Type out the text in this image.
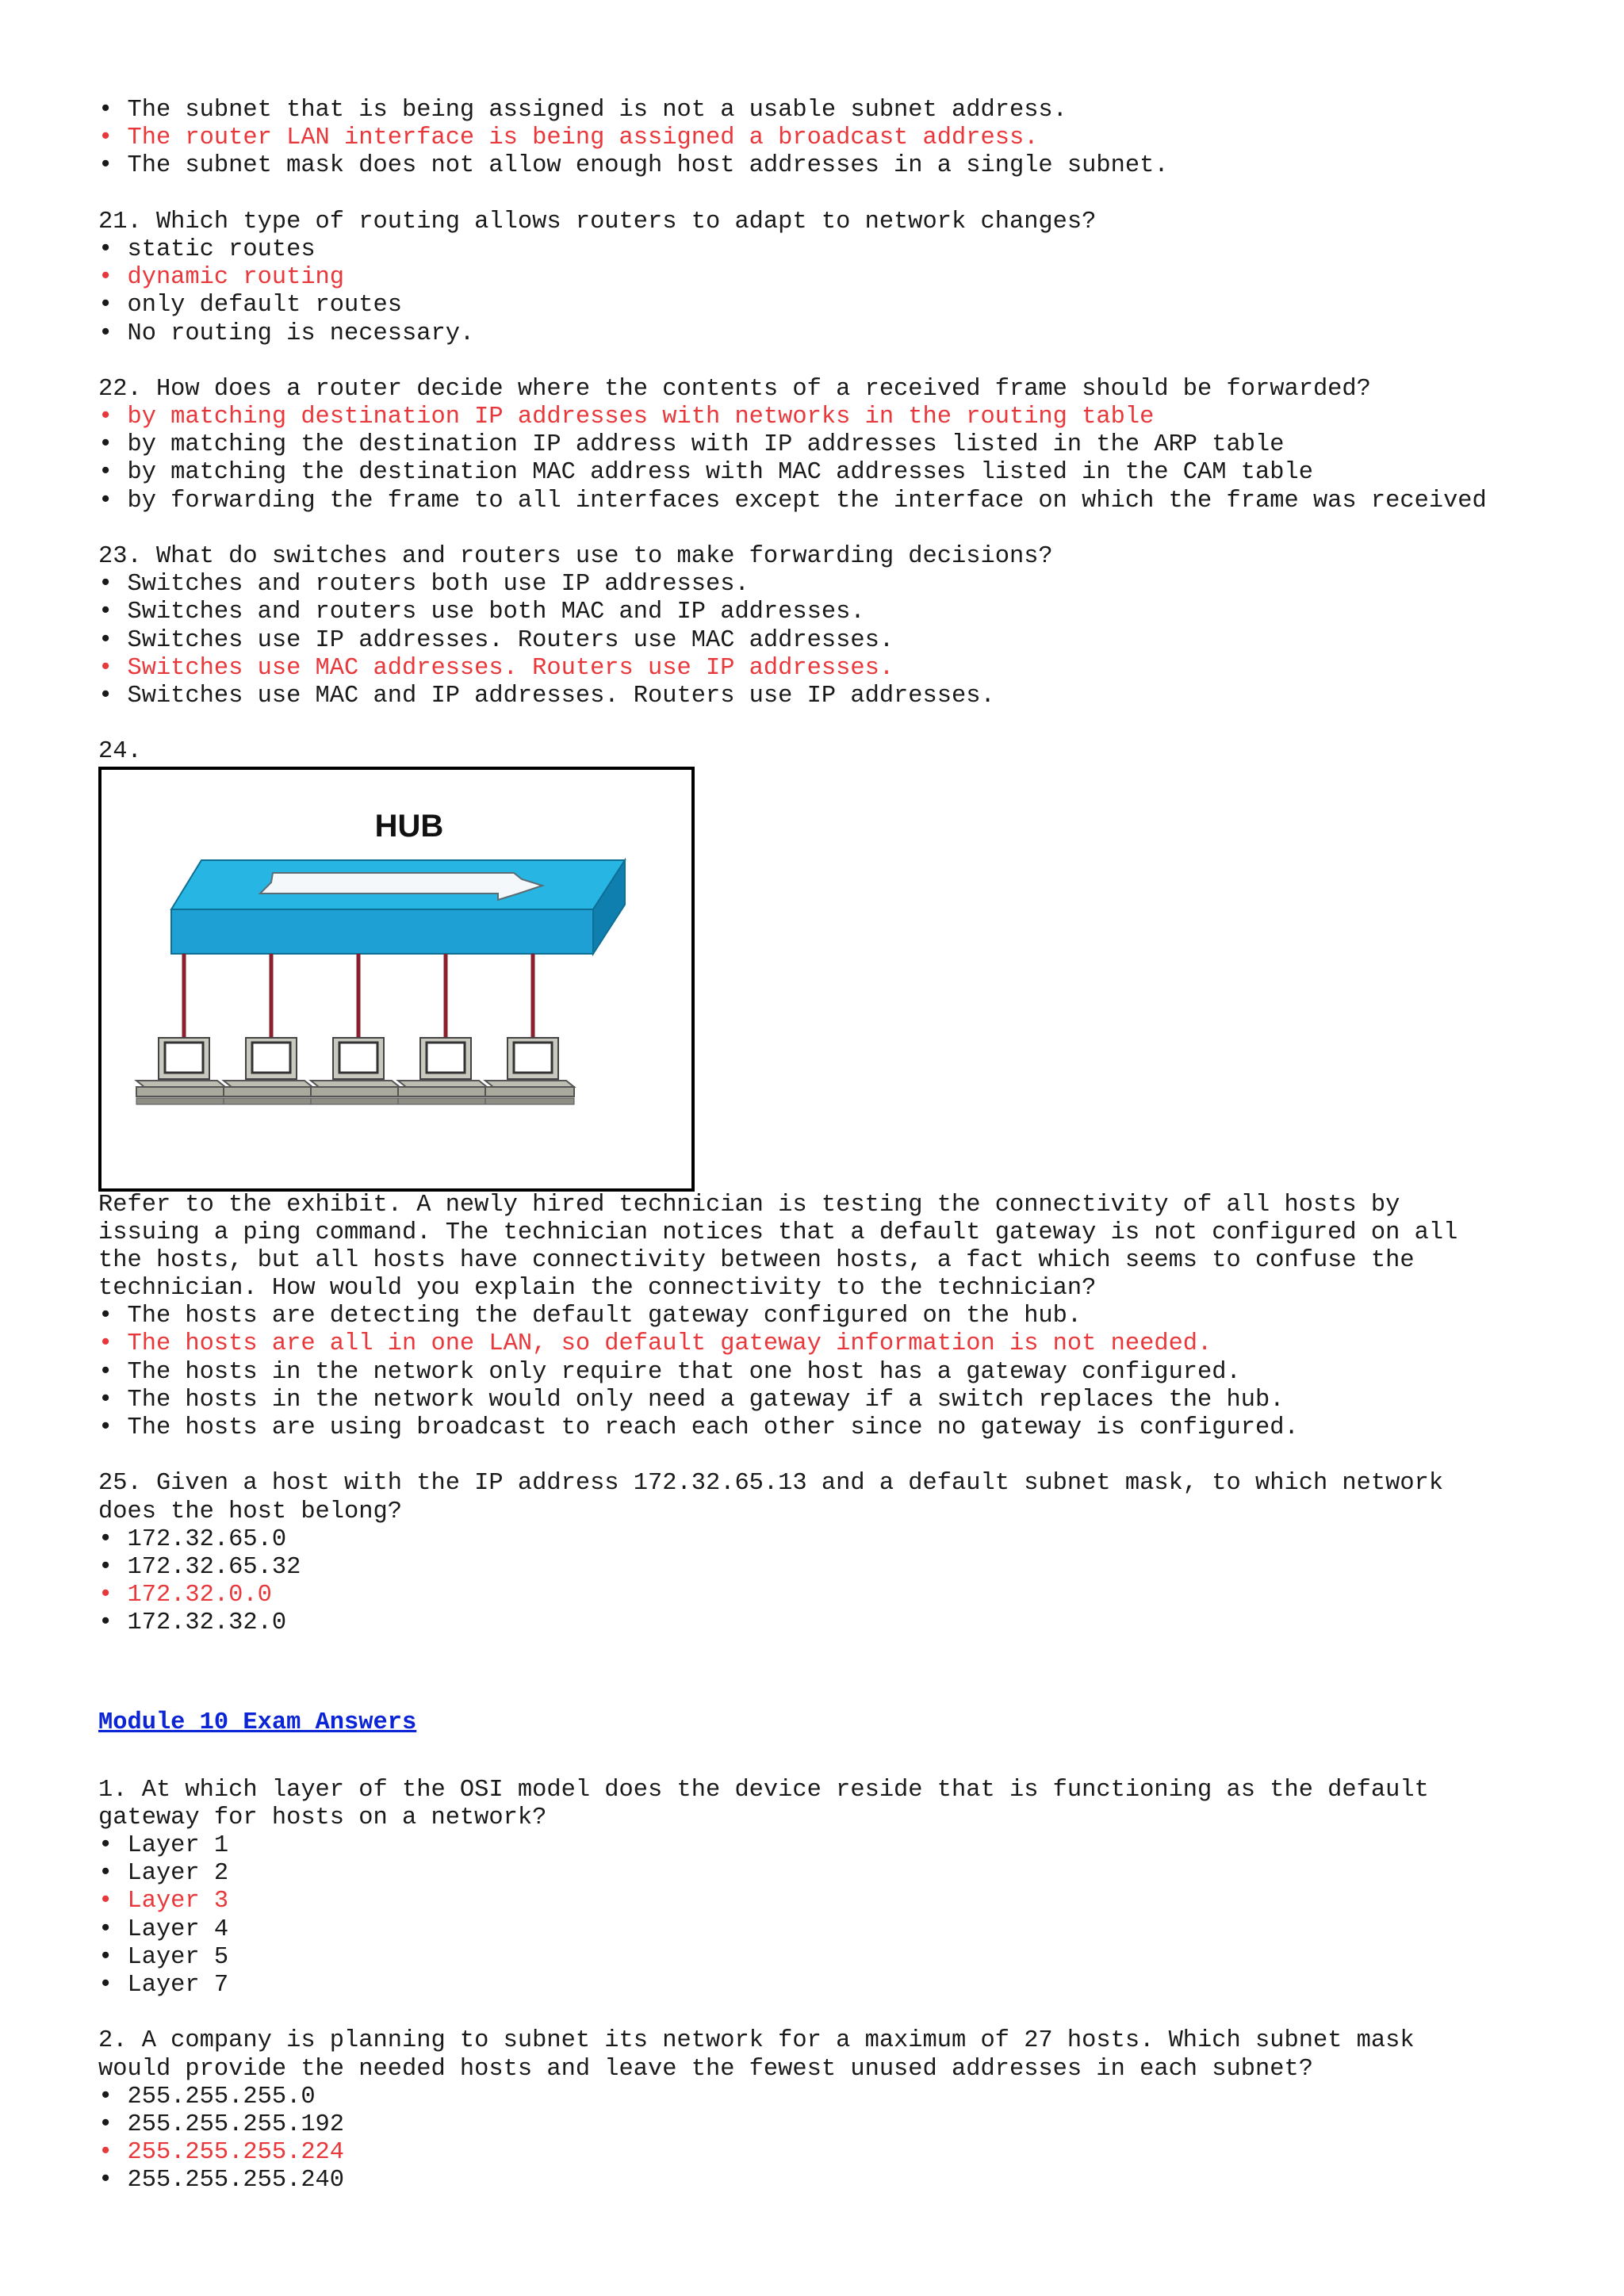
• The subnet that is being assigned is not a usable subnet address.
• The router LAN interface is being assigned a broadcast address.
• The subnet mask does not allow enough host addresses in a single subnet.
21. Which type of routing allows routers to adapt to network changes?
• static routes
• dynamic routing
• only default routes
• No routing is necessary.
22. How does a router decide where the contents of a received frame should be forwarded?
• by matching destination IP addresses with networks in the routing table
• by matching the destination IP address with IP addresses listed in the ARP table
• by matching the destination MAC address with MAC addresses listed in the CAM table
• by forwarding the frame to all interfaces except the interface on which the frame was received
23. What do switches and routers use to make forwarding decisions?
• Switches and routers both use IP addresses.
• Switches and routers use both MAC and IP addresses.
• Switches use IP addresses. Routers use MAC addresses.
• Switches use MAC addresses. Routers use IP addresses.
• Switches use MAC and IP addresses. Routers use IP addresses.
24.
HUB
Refer to the exhibit. A newly hired technician is testing the connectivity of all hosts by
issuing a ping command. The technician notices that a default gateway is not configured on all
the hosts, but all hosts have connectivity between hosts, a fact which seems to confuse the
technician. How would you explain the connectivity to the technician?
• The hosts are detecting the default gateway configured on the hub.
• The hosts are all in one LAN, so default gateway information is not needed.
• The hosts in the network only require that one host has a gateway configured.
• The hosts in the network would only need a gateway if a switch replaces the hub.
• The hosts are using broadcast to reach each other since no gateway is configured.
25. Given a host with the IP address 172.32.65.13 and a default subnet mask, to which network
does the host belong?
• 172.32.65.0
• 172.32.65.32
• 172.32.0.0
• 172.32.32.0
Module 10 Exam Answers
1. At which layer of the OSI model does the device reside that is functioning as the default
gateway for hosts on a network?
• Layer 1
• Layer 2
• Layer 3
• Layer 4
• Layer 5
• Layer 7
2. A company is planning to subnet its network for a maximum of 27 hosts. Which subnet mask
would provide the needed hosts and leave the fewest unused addresses in each subnet?
• 255.255.255.0
• 255.255.255.192
• 255.255.255.224
• 255.255.255.240
